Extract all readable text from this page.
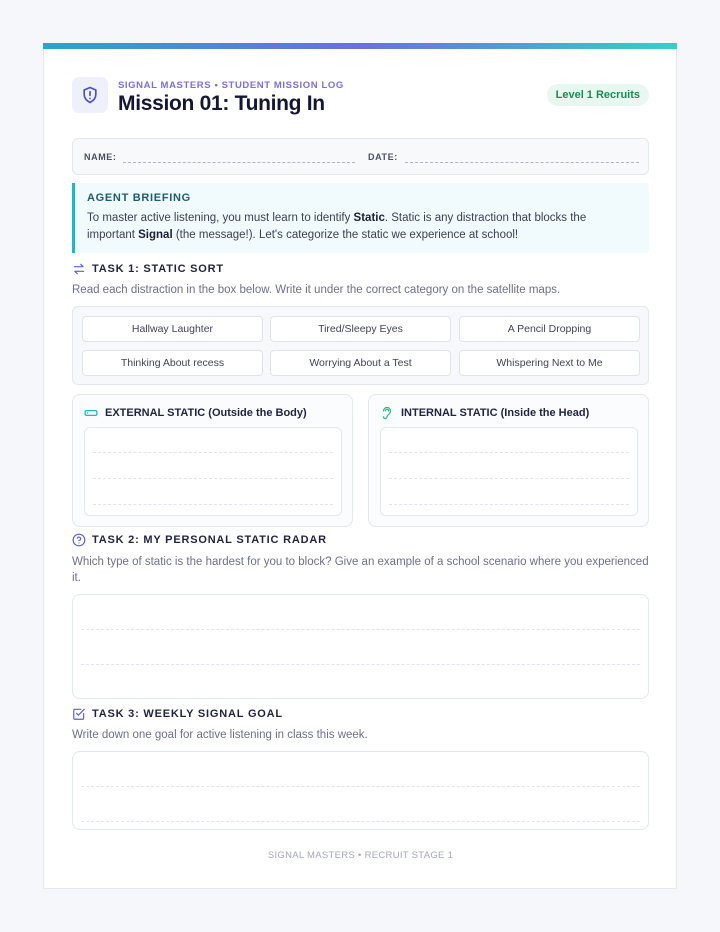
SIGNAL MASTERS • STUDENT MISSION LOG
Mission 01: Tuning In	Level 1 Recruits
NAME:	DATE:
AGENT BRIEFING
To master active listening, you must learn to identify Static. Static is any distraction that blocks the important Signal (the message!). Let's categorize the static we experience at school!
TASK 1: STATIC SORT
Read each distraction in the box below. Write it under the correct category on the satellite maps.
Hallway Laughter	Tired/Sleepy Eyes	A Pencil Dropping
Thinking About recess	Worrying About a Test	Whispering Next to Me
EXTERNAL STATIC (Outside the Body)	INTERNAL STATIC (Inside the Head)
TASK 2: MY PERSONAL STATIC RADAR
Which type of static is the hardest for you to block? Give an example of a school scenario where you experienced it.
TASK 3: WEEKLY SIGNAL GOAL
Write down one goal for active listening in class this week.
SIGNAL MASTERS • RECRUIT STAGE 1
